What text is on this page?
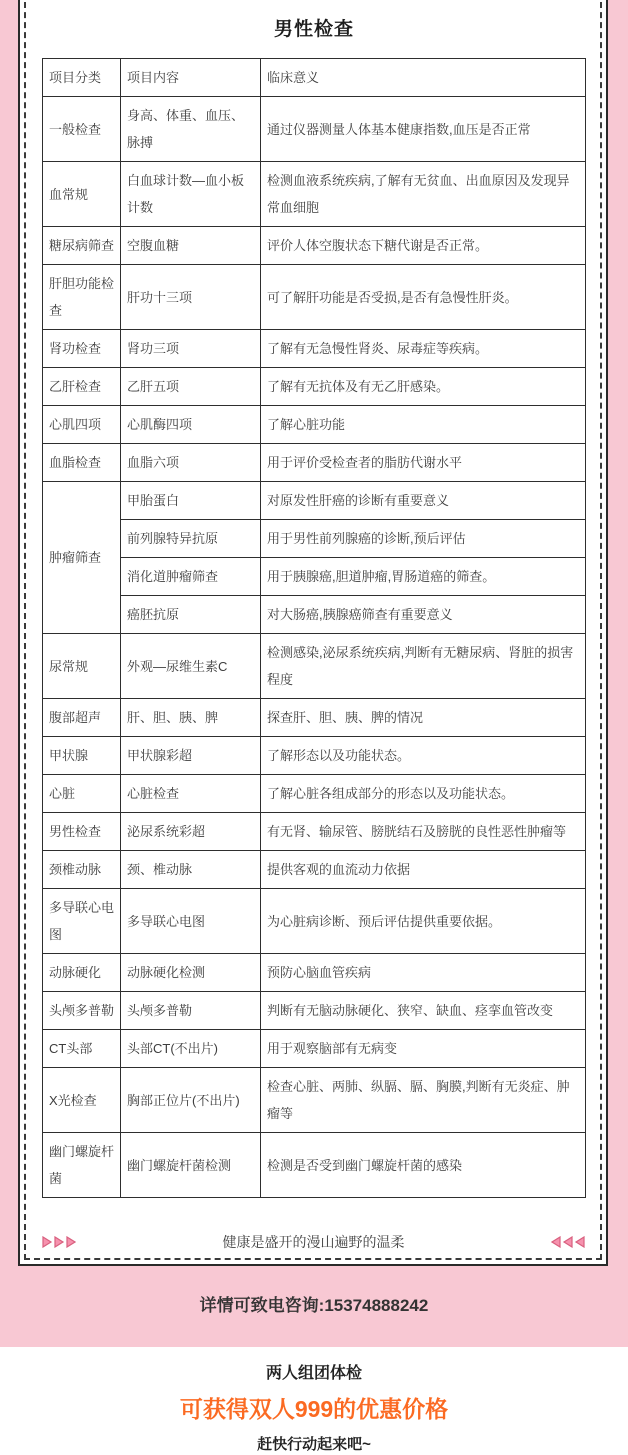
男性检查
项目分类	项目内容	临床意义
一般检查	身高、体重、血压、脉搏	通过仪器测量人体基本健康指数,血压是否正常
血常规	白血球计数—血小板计数	检测血液系统疾病,了解有无贫血、出血原因及发现异常血细胞
糖尿病筛查	空腹血糖	评价人体空腹状态下糖代谢是否正常。
肝胆功能检查	肝功十三项	可了解肝功能是否受损,是否有急慢性肝炎。
肾功检查	肾功三项	了解有无急慢性肾炎、尿毒症等疾病。
乙肝检查	乙肝五项	了解有无抗体及有无乙肝感染。
心肌四项	心肌酶四项	了解心脏功能
血脂检查	血脂六项	用于评价受检查者的脂肪代谢水平
肿瘤筛查	甲胎蛋白	对原发性肝癌的诊断有重要意义
	前列腺特异抗原	用于男性前列腺癌的诊断,预后评估
	消化道肿瘤筛查	用于胰腺癌,胆道肿瘤,胃肠道癌的筛查。
	癌胚抗原	对大肠癌,胰腺癌筛查有重要意义
尿常规	外观—尿维生素C	检测感染,泌尿系统疾病,判断有无糖尿病、肾脏的损害程度
腹部超声	肝、胆、胰、脾	探查肝、胆、胰、脾的情况
甲状腺	甲状腺彩超	了解形态以及功能状态。
心脏	心脏检查	了解心脏各组成部分的形态以及功能状态。
男性检查	泌尿系统彩超	有无肾、输尿管、膀胱结石及膀胱的良性恶性肿瘤等
颈椎动脉	颈、椎动脉	提供客观的血流动力依据
多导联心电图	多导联心电图	为心脏病诊断、预后评估提供重要依据。
动脉硬化	动脉硬化检测	预防心脑血管疾病
头颅多普勒	头颅多普勒	判断有无脑动脉硬化、狭窄、缺血、痉挛血管改变
CT头部	头部CT(不出片)	用于观察脑部有无病变
X光检查	胸部正位片(不出片)	检查心脏、两肺、纵膈、膈、胸膜,判断有无炎症、肿瘤等
幽门螺旋杆菌	幽门螺旋杆菌检测	检测是否受到幽门螺旋杆菌的感染
健康是盛开的漫山遍野的温柔
详情可致电咨询:15374888242

两人组团体检

可获得双人999的优惠价格

赶快行动起来吧~
